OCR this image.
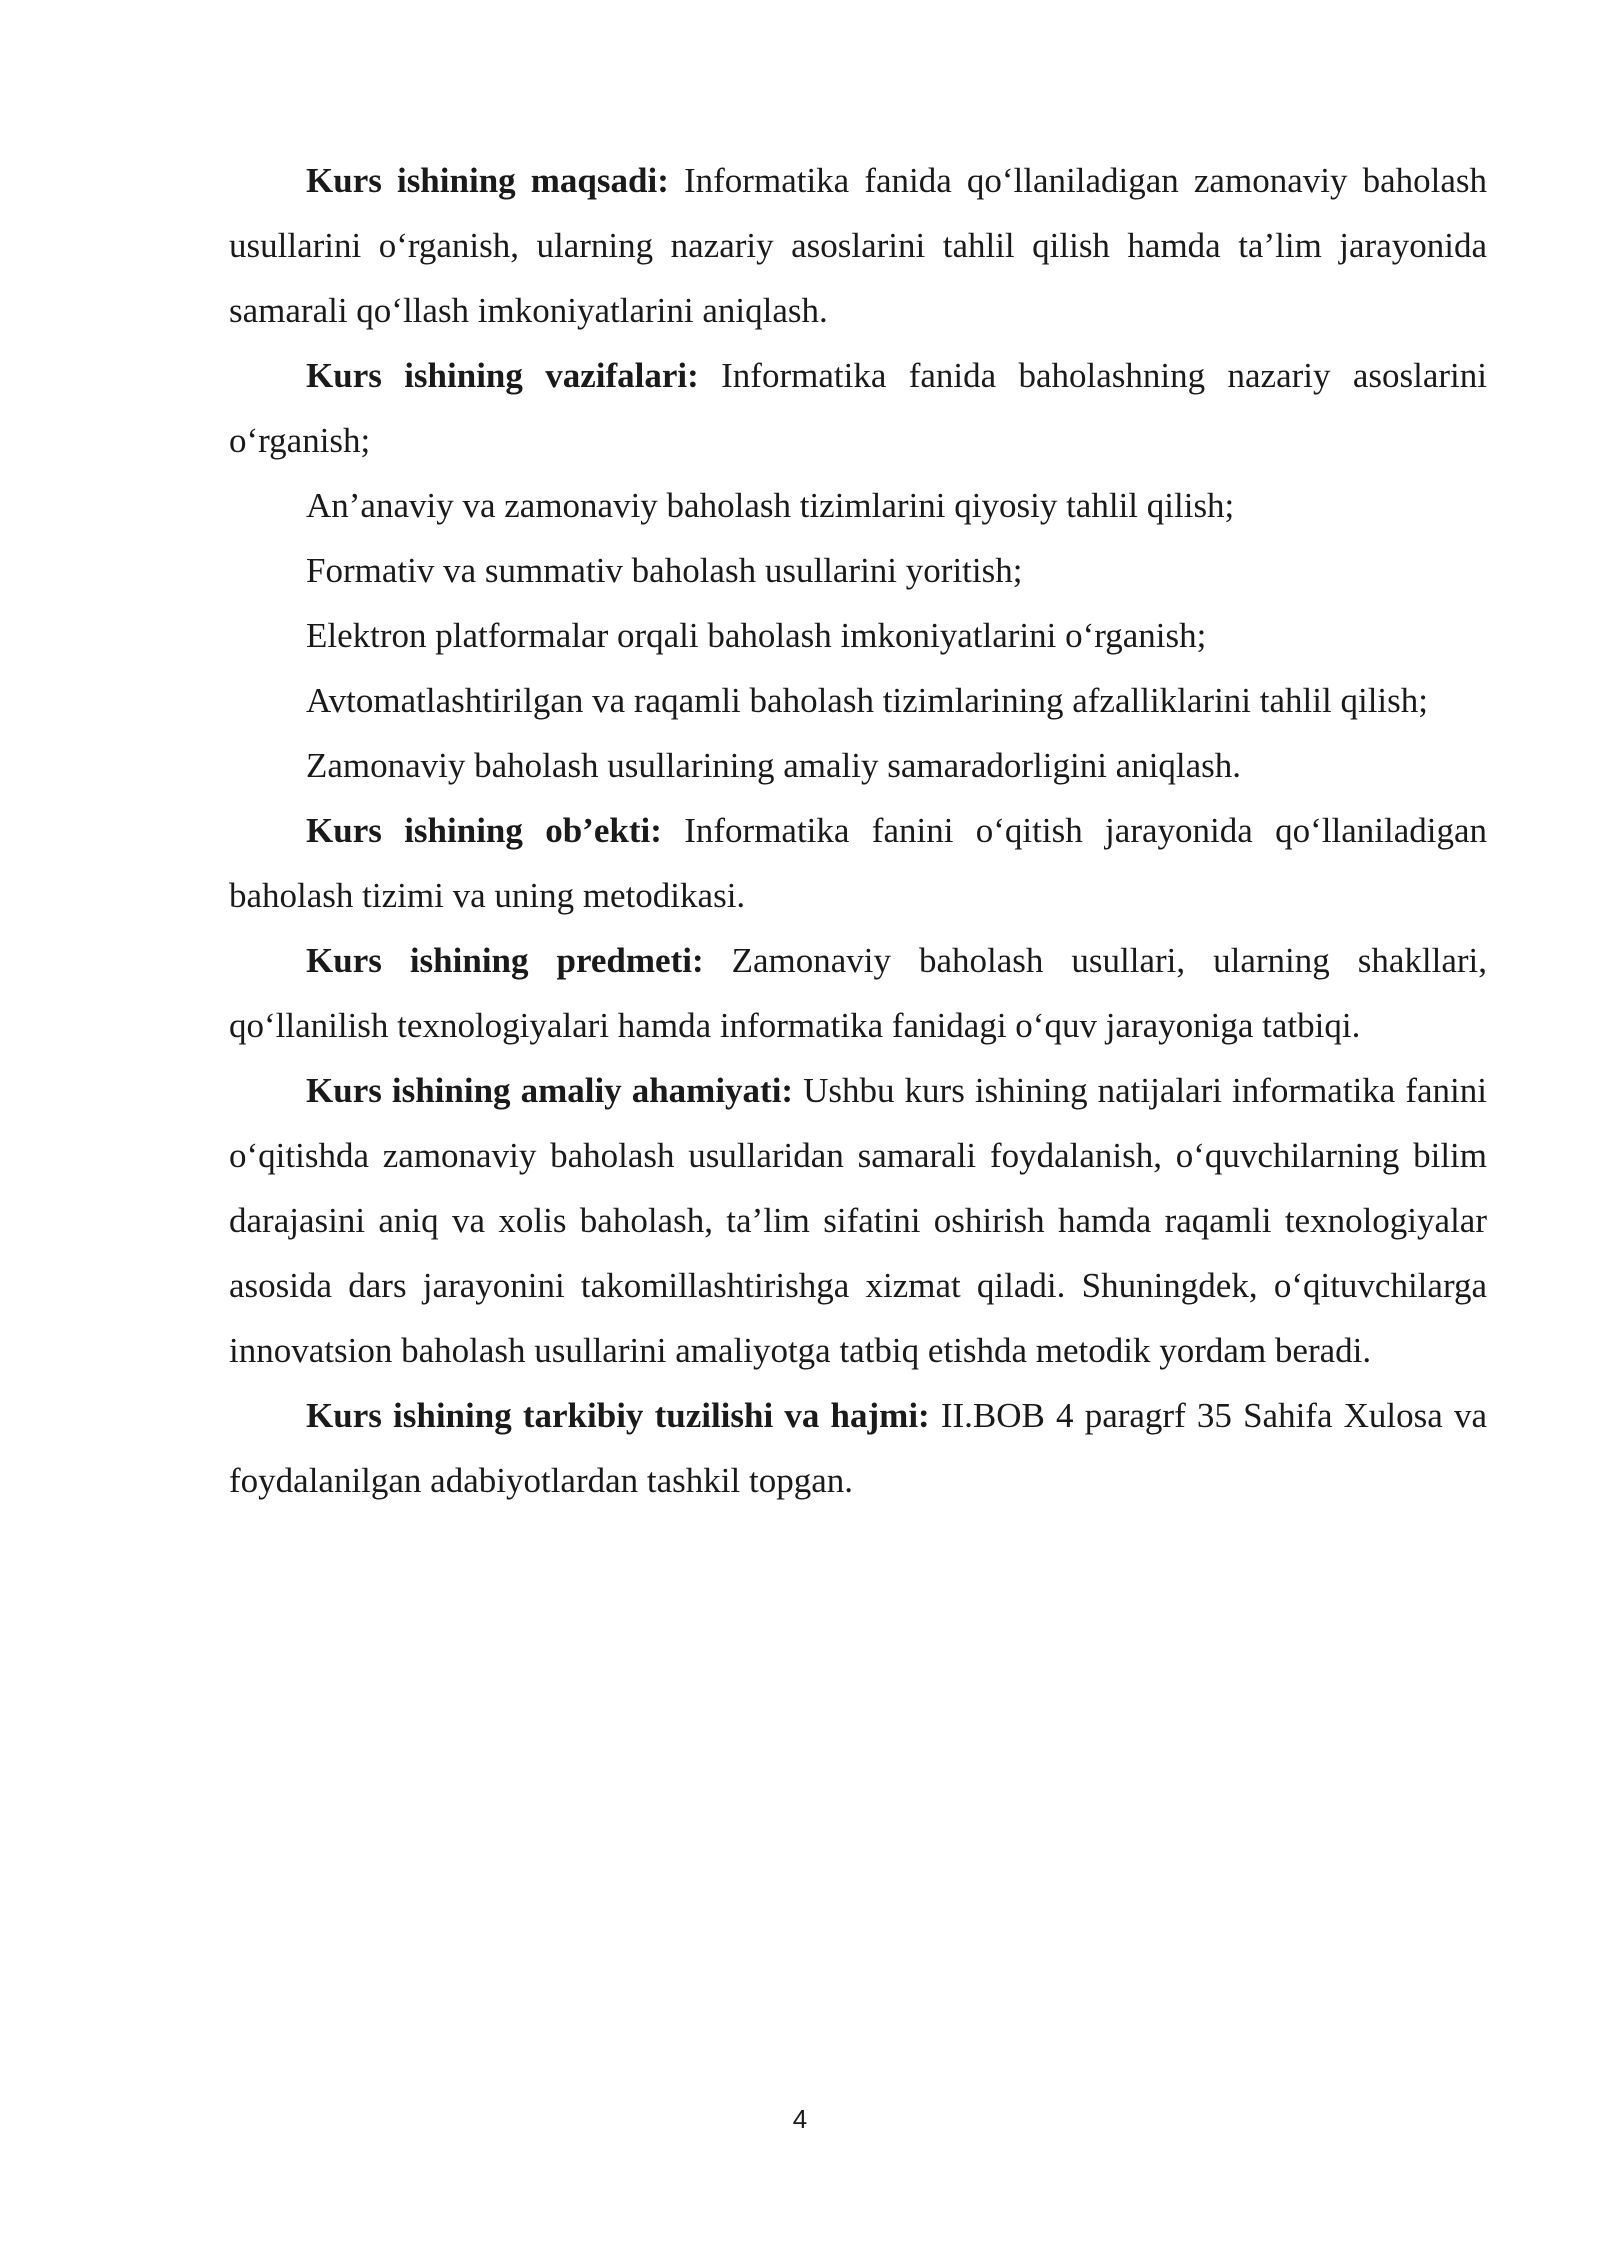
Kurs ishining maqsadi: Informatika fanida qo‘llaniladigan zamonaviy baholash usullarini o‘rganish, ularning nazariy asoslarini tahlil qilish hamda ta’lim jarayonida samarali qo‘llash imkoniyatlarini aniqlash.

Kurs ishining vazifalari: Informatika fanida baholashning nazariy asoslarini o‘rganish;

An’anaviy va zamonaviy baholash tizimlarini qiyosiy tahlil qilish;

Formativ va summativ baholash usullarini yoritish;

Elektron platformalar orqali baholash imkoniyatlarini o‘rganish;

Avtomatlashtirilgan va raqamli baholash tizimlarining afzalliklarini tahlil qilish;

Zamonaviy baholash usullarining amaliy samaradorligini aniqlash.

Kurs ishining ob’ekti: Informatika fanini o‘qitish jarayonida qo‘llaniladigan baholash tizimi va uning metodikasi.

Kurs ishining predmeti: Zamonaviy baholash usullari, ularning shakllari, qo‘llanilish texnologiyalari hamda informatika fanidagi o‘quv jarayoniga tatbiqi.

Kurs ishining amaliy ahamiyati: Ushbu kurs ishining natijalari informatika fanini o‘qitishda zamonaviy baholash usullaridan samarali foydalanish, o‘quvchilarning bilim darajasini aniq va xolis baholash, ta’lim sifatini oshirish hamda raqamli texnologiyalar asosida dars jarayonini takomillashtirishga xizmat qiladi. Shuningdek, o‘qituvchilarga innovatsion baholash usullarini amaliyotga tatbiq etishda metodik yordam beradi.

Kurs ishining tarkibiy tuzilishi va hajmi: II.BOB 4 paragrf 35 Sahifa Xulosa va foydalanilgan adabiyotlardan tashkil topgan.

4
